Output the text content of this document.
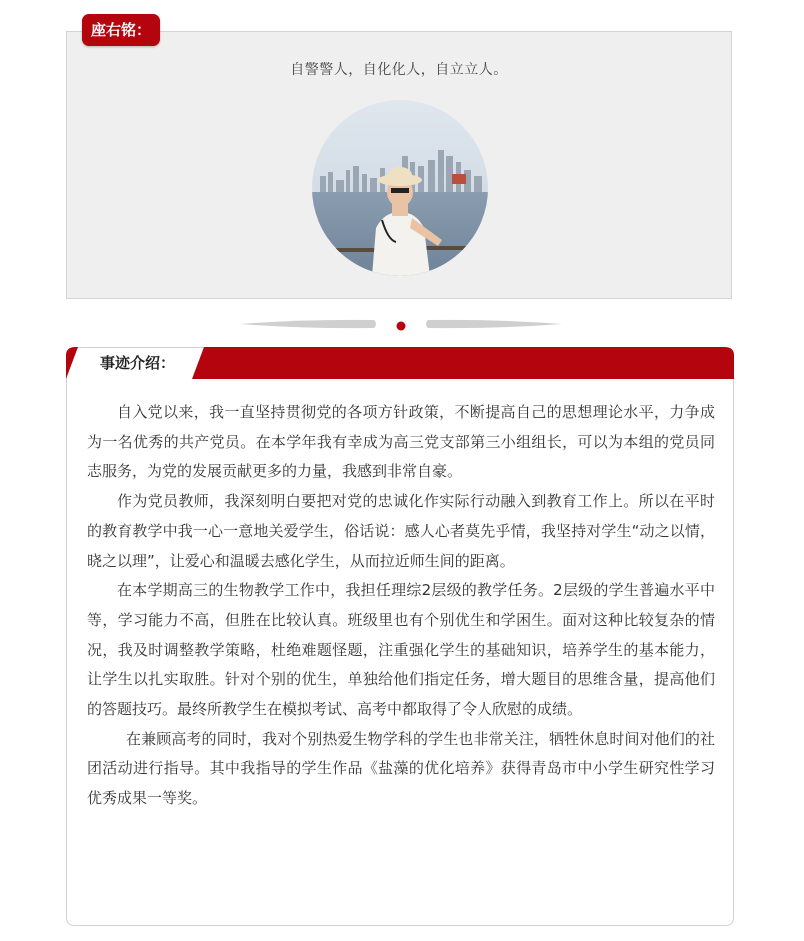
自警警人，自化化人，自立立人。
座右铭：
事迹介绍：

自入党以来，我一直坚持贯彻党的各项方针政策，不断提高自己的思想理论水平，力争成为一名优秀的共产党员。在本学年我有幸成为高三党支部第三小组组长，可以为本组的党员同志服务，为党的发展贡献更多的力量，我感到非常自豪。

作为党员教师，我深刻明白要把对党的忠诚化作实际行动融入到教育工作上。所以在平时的教育教学中我一心一意地关爱学生，俗话说：感人心者莫先乎情，我坚持对学生“动之以情，晓之以理”，让爱心和温暖去感化学生，从而拉近师生间的距离。

在本学期高三的生物教学工作中，我担任理综2层级的教学任务。2层级的学生普遍水平中等，学习能力不高，但胜在比较认真。班级里也有个别优生和学困生。面对这种比较复杂的情况，我及时调整教学策略，杜绝难题怪题，注重强化学生的基础知识，培养学生的基本能力，让学生以扎实取胜。针对个别的优生，单独给他们指定任务，增大题目的思维含量，提高他们的答题技巧。最终所教学生在模拟考试、高考中都取得了令人欣慰的成绩。

在兼顾高考的同时，我对个别热爱生物学科的学生也非常关注，牺牲休息时间对他们的社团活动进行指导。其中我指导的学生作品《盐藻的优化培养》获得青岛市中小学生研究性学习优秀成果一等奖。
